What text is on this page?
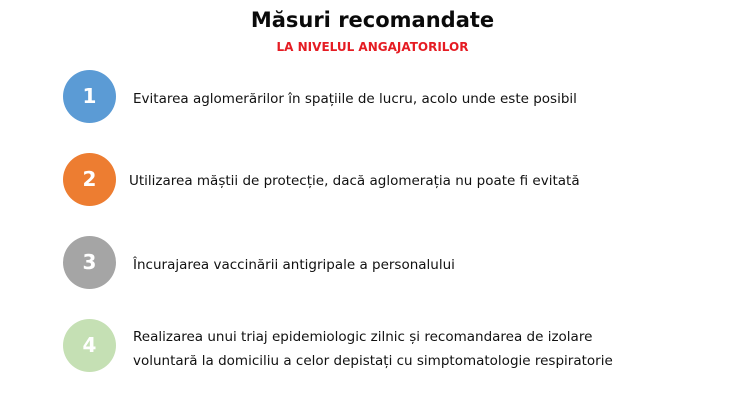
Măsuri recomandate
LA NIVELUL ANGAJATORILOR
1	Evitarea aglomerărilor în spațiile de lucru, acolo unde este posibil
2	Utilizarea măștii de protecție, dacă aglomerația nu poate fi evitată
3	Încurajarea vaccinării antigripale a personalului
4	Realizarea unui triaj epidemiologic zilnic și recomandarea de izolare
voluntară la domiciliu a celor depistați cu simptomatologie respiratorie
